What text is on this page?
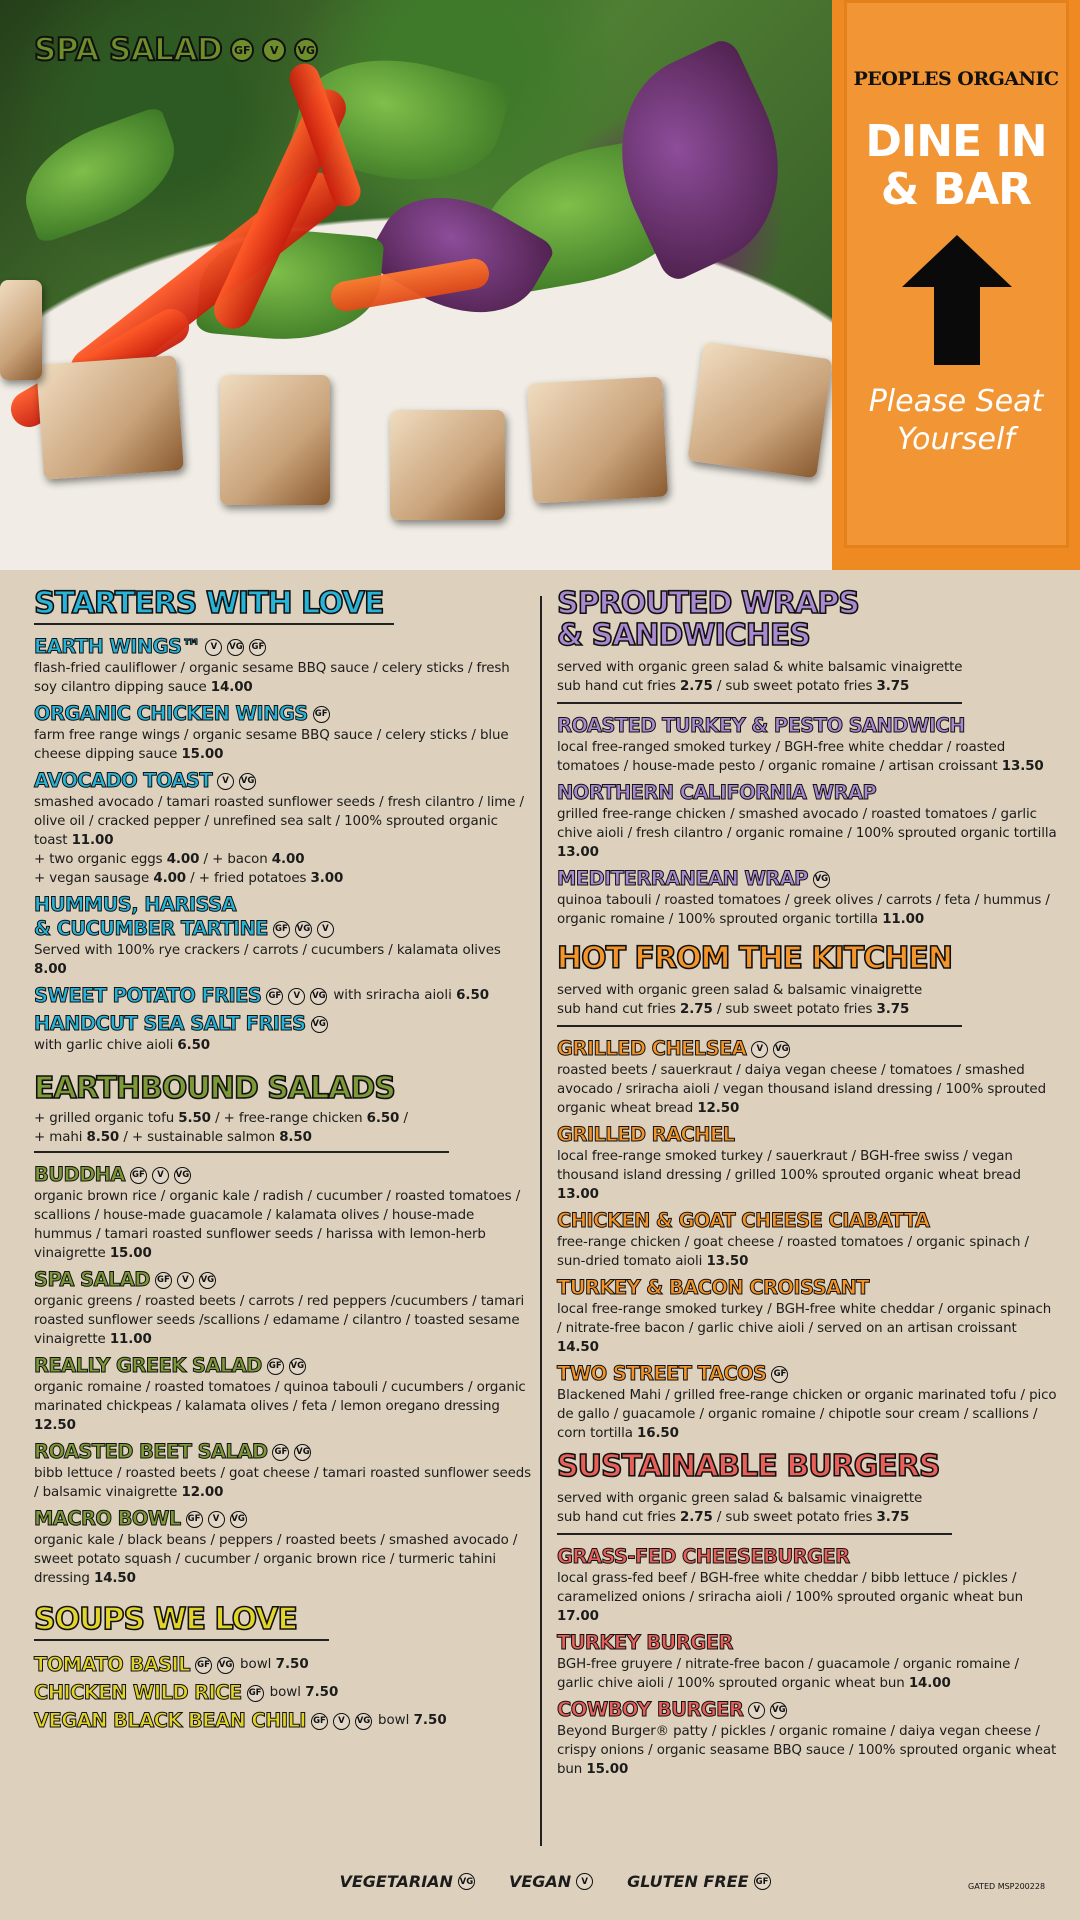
SPA SALAD	GF	V	VG
PEOPLES ORGANIC
DINE IN
& BAR
Please Seat
Yourself
STARTERS WITH LOVE
EARTH WINGS™	V	VG GF
flash-fried cauliflower / organic sesame BBQ sauce / celery sticks / fresh soy cilantro dipping sauce 14.00
ORGANIC CHICKEN WINGS GF
farm free range wings / organic sesame BBQ sauce / celery sticks / blue cheese dipping sauce 15.00
AVOCADO TOAST	V	VG
smashed avocado / tamari roasted sunflower seeds / fresh cilantro / lime / olive oil / cracked pepper / unrefined sea salt / 100% sprouted organic toast 11.00
+ two organic eggs 4.00 / + bacon 4.00
+ vegan sausage 4.00 / + fried potatoes 3.00
HUMMUS, HARISSA
& CUCUMBER TARTINE GF VG	V
Served with 100% rye crackers / carrots / cucumbers / kalamata olives 8.00
SWEET POTATO FRIES GF	V	VG with sriracha aioli 6.50
HANDCUT SEA SALT FRIES VG
with garlic chive aioli 6.50
EARTHBOUND SALADS
+ grilled organic tofu 5.50 / + free-range chicken 6.50 /
+ mahi 8.50 / + sustainable salmon 8.50
BUDDHA GF	V	VG
organic brown rice / organic kale / radish / cucumber / roasted tomatoes / scallions / house-made guacamole / kalamata olives / house-made hummus / tamari roasted sunflower seeds / harissa with lemon-herb vinaigrette 15.00
SPA SALAD GF	V	VG
organic greens / roasted beets / carrots / red peppers /cucumbers / tamari roasted sunflower seeds /scallions / edamame / cilantro / toasted sesame vinaigrette 11.00
REALLY GREEK SALAD GF VG
organic romaine / roasted tomatoes / quinoa tabouli / cucumbers / organic marinated chickpeas / kalamata olives / feta / lemon oregano dressing 12.50
ROASTED BEET SALAD GF VG
bibb lettuce / roasted beets / goat cheese / tamari roasted sunflower seeds / balsamic vinaigrette 12.00
MACRO BOWL GF	V	VG
organic kale / black beans / peppers / roasted beets / smashed avocado / sweet potato squash / cucumber / organic brown rice / turmeric tahini dressing 14.50
SOUPS WE LOVE
TOMATO BASIL GF VG bowl 7.50
CHICKEN WILD RICE GF bowl 7.50
VEGAN BLACK BEAN CHILI GF	V	VG bowl 7.50
SPROUTED WRAPS
& SANDWICHES
served with organic green salad & white balsamic vinaigrette
sub hand cut fries 2.75 / sub sweet potato fries 3.75
ROASTED TURKEY & PESTO SANDWICH
local free-ranged smoked turkey / BGH-free white cheddar / roasted tomatoes / house-made pesto / organic romaine / artisan croissant 13.50
NORTHERN CALIFORNIA WRAP
grilled free-range chicken / smashed avocado / roasted tomatoes / garlic chive aioli / fresh cilantro / organic romaine / 100% sprouted organic tortilla 13.00
MEDITERRANEAN WRAP VG
quinoa tabouli / roasted tomatoes / greek olives / carrots / feta / hummus / organic romaine / 100% sprouted organic tortilla 11.00
HOT FROM THE KITCHEN
served with organic green salad & balsamic vinaigrette
sub hand cut fries 2.75 / sub sweet potato fries 3.75
GRILLED CHELSEA	V	VG
roasted beets / sauerkraut / daiya vegan cheese / tomatoes / smashed avocado / sriracha aioli / vegan thousand island dressing / 100% sprouted organic wheat bread 12.50
GRILLED RACHEL
local free-range smoked turkey / sauerkraut / BGH-free swiss / vegan thousand island dressing / grilled 100% sprouted organic wheat bread 13.00
CHICKEN & GOAT CHEESE CIABATTA
free-range chicken / goat cheese / roasted tomatoes / organic spinach / sun-dried tomato aioli 13.50
TURKEY & BACON CROISSANT
local free-range smoked turkey / BGH-free white cheddar / organic spinach / nitrate-free bacon / garlic chive aioli / served on an artisan croissant 14.50
TWO STREET TACOS GF
Blackened Mahi / grilled free-range chicken or organic marinated tofu / pico de gallo / guacamole / organic romaine / chipotle sour cream / scallions / corn tortilla 16.50
SUSTAINABLE BURGERS
served with organic green salad & balsamic vinaigrette
sub hand cut fries 2.75 / sub sweet potato fries 3.75
GRASS-FED CHEESEBURGER
local grass-fed beef / BGH-free white cheddar / bibb lettuce / pickles / caramelized onions / sriracha aioli / 100% sprouted organic wheat bun 17.00
TURKEY BURGER
BGH-free gruyere / nitrate-free bacon / guacamole / organic romaine / garlic chive aioli / 100% sprouted organic wheat bun 14.00
COWBOY BURGER	V	VG
Beyond Burger® patty / pickles / organic romaine / daiya vegan cheese / crispy onions / organic seasame BBQ sauce / 100% sprouted organic wheat bun 15.00
VEGETARIAN VG VEGAN	V	GLUTEN FREE GF	GATED MSP200228
